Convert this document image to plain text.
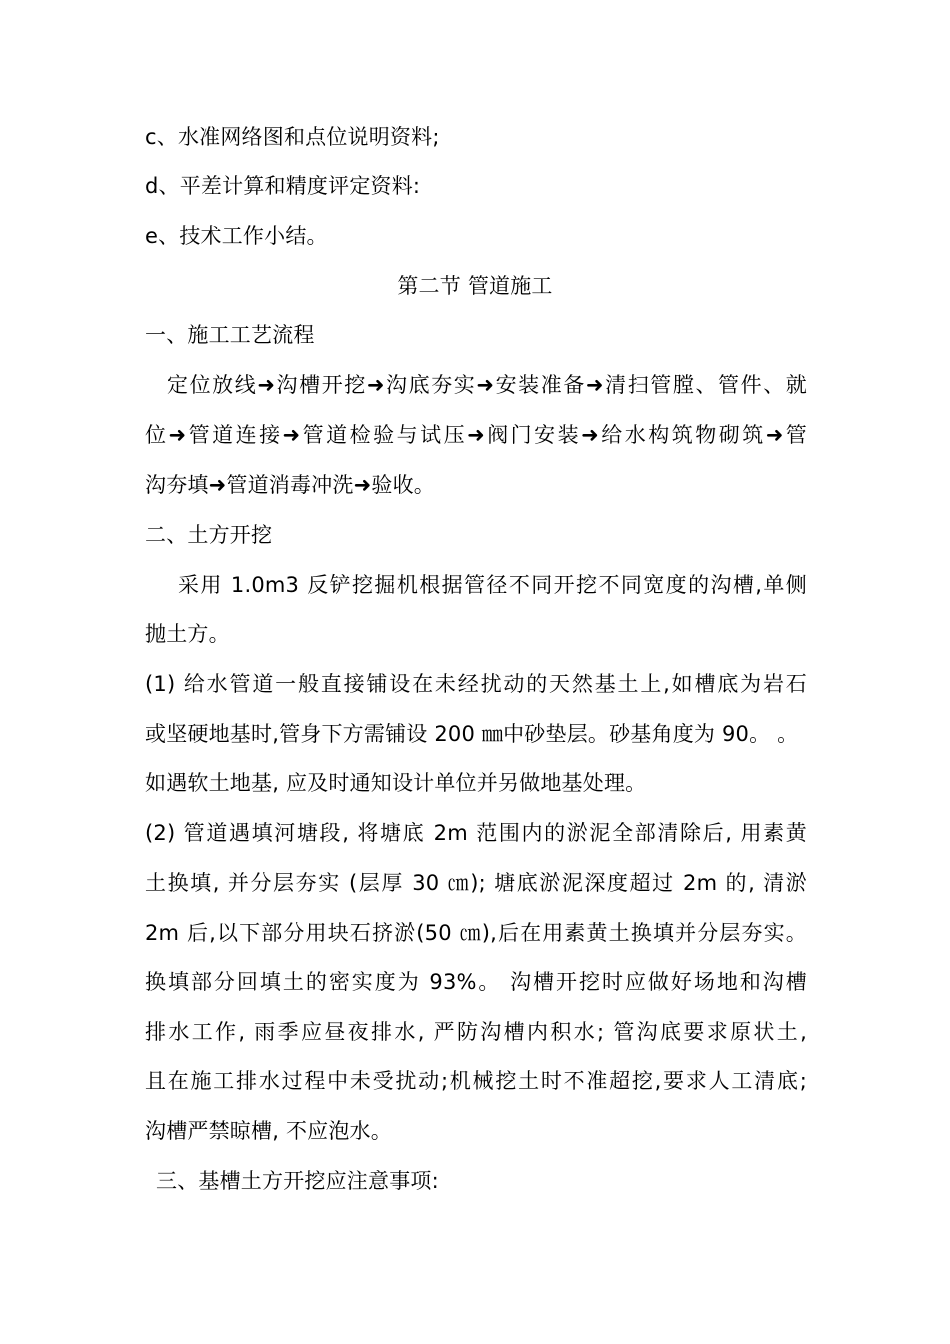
c、水准网络图和点位说明资料;
d、平差计算和精度评定资料:
e、技术工作小结。
第二节 管道施工
一、施工工艺流程
定位放线➜沟槽开挖➜沟底夯实➜安装准备➜清扫管膛、管件、就
位➜管道连接➜管道检验与试压➜阀门安装➜给水构筑物砌筑➜管
沟夯填➜管道消毒冲洗➜验收。
二、土方开挖
采用 1.0m3 反铲挖掘机根据管径不同开挖不同宽度的沟槽,单侧
抛土方。
(1) 给水管道一般直接铺设在未经扰动的天然基土上,如槽底为岩石
或坚硬地基时,管身下方需铺设 200 ㎜中砂垫层。砂基角度为 90。 。
如遇软土地基, 应及时通知设计单位并另做地基处理。
(2) 管道遇填河塘段, 将塘底 2m 范围内的淤泥全部清除后, 用素黄
土换填, 并分层夯实 (层厚 30 ㎝); 塘底淤泥深度超过 2m 的, 清淤
2m 后,以下部分用块石挤淤(50 ㎝),后在用素黄土换填并分层夯实。
换填部分回填土的密实度为 93%。 沟槽开挖时应做好场地和沟槽
排水工作, 雨季应昼夜排水, 严防沟槽内积水; 管沟底要求原状土,
且在施工排水过程中未受扰动;机械挖土时不准超挖,要求人工清底;
沟槽严禁晾槽, 不应泡水。
三、基槽土方开挖应注意事项:
